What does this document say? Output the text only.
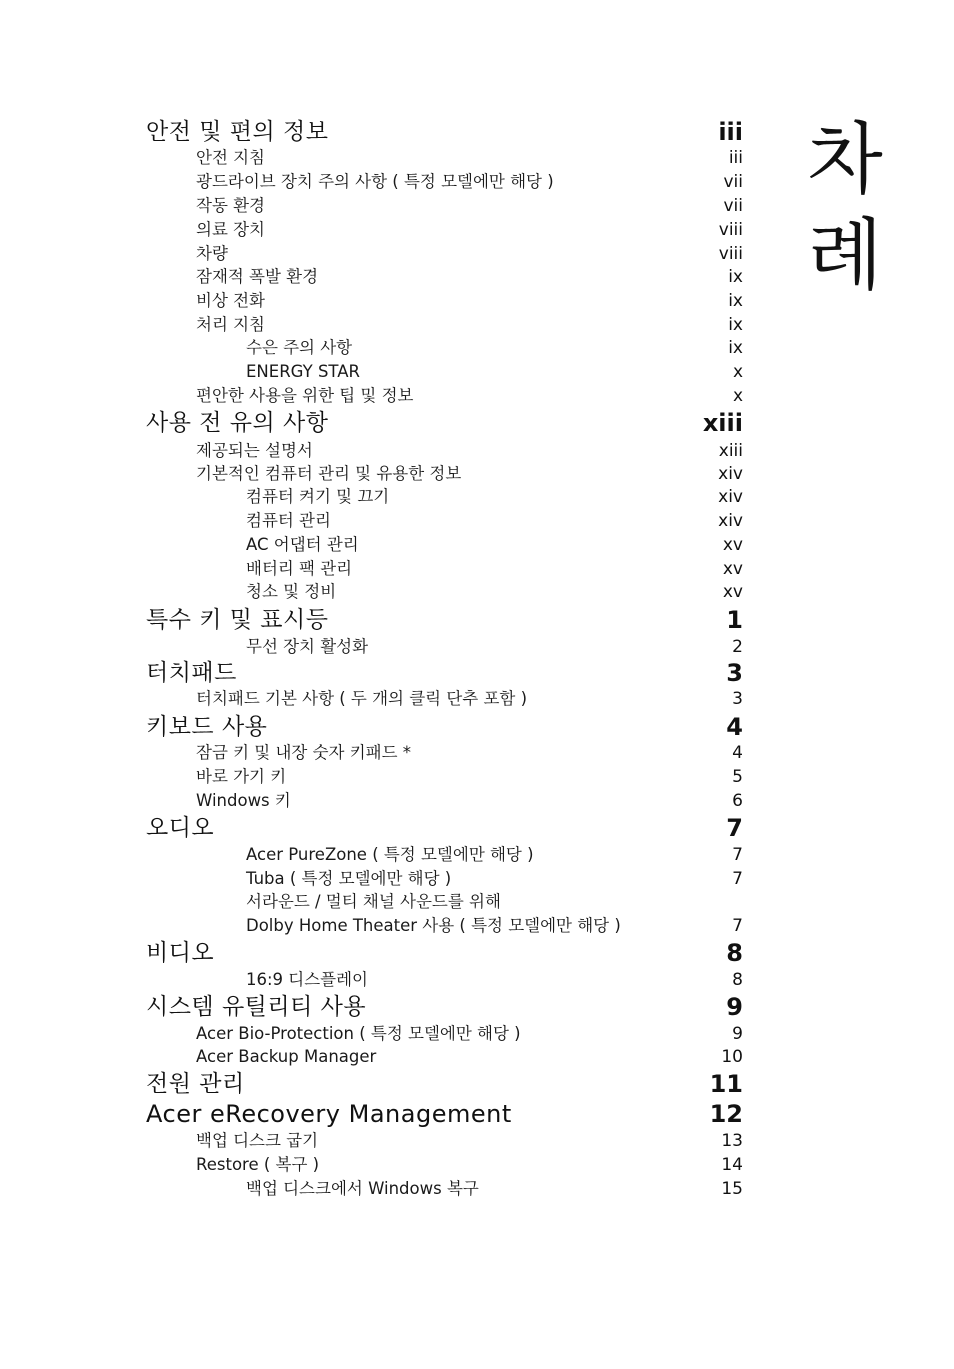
차
례
안전 및 편의 정보	iii
안전 지침	iii
광드라이브 장치 주의 사항 ( 특정 모델에만 해당 )	vii
작동 환경	vii
의료 장치	viii
차량	viii
잠재적 폭발 환경	ix
비상 전화	ix
처리 지침	ix
수은 주의 사항	ix
ENERGY STAR	x
편안한 사용을 위한 팁 및 정보	x
사용 전 유의 사항	xiii
제공되는 설명서	xiii
기본적인 컴퓨터 관리 및 유용한 정보	xiv
컴퓨터 켜기 및 끄기	xiv
컴퓨터 관리	xiv
AC 어댑터 관리	xv
배터리 팩 관리	xv
청소 및 정비	xv
특수 키 및 표시등	1
무선 장치 활성화	2
터치패드	3
터치패드 기본 사항 ( 두 개의 클릭 단추 포함 )	3
키보드 사용	4
잠금 키 및 내장 숫자 키패드 *	4
바로 가기 키	5
Windows 키	6
오디오	7
Acer PureZone ( 특정 모델에만 해당 )	7
Tuba ( 특정 모델에만 해당 )	7
서라운드 / 멀티 채널 사운드를 위해
Dolby Home Theater 사용 ( 특정 모델에만 해당 )	7
비디오	8
16:9 디스플레이	8
시스템 유틸리티 사용	9
Acer Bio-Protection ( 특정 모델에만 해당 )	9
Acer Backup Manager	10
전원 관리	11
Acer eRecovery Management	12
백업 디스크 굽기	13
Restore ( 복구 )	14
백업 디스크에서 Windows 복구	15
